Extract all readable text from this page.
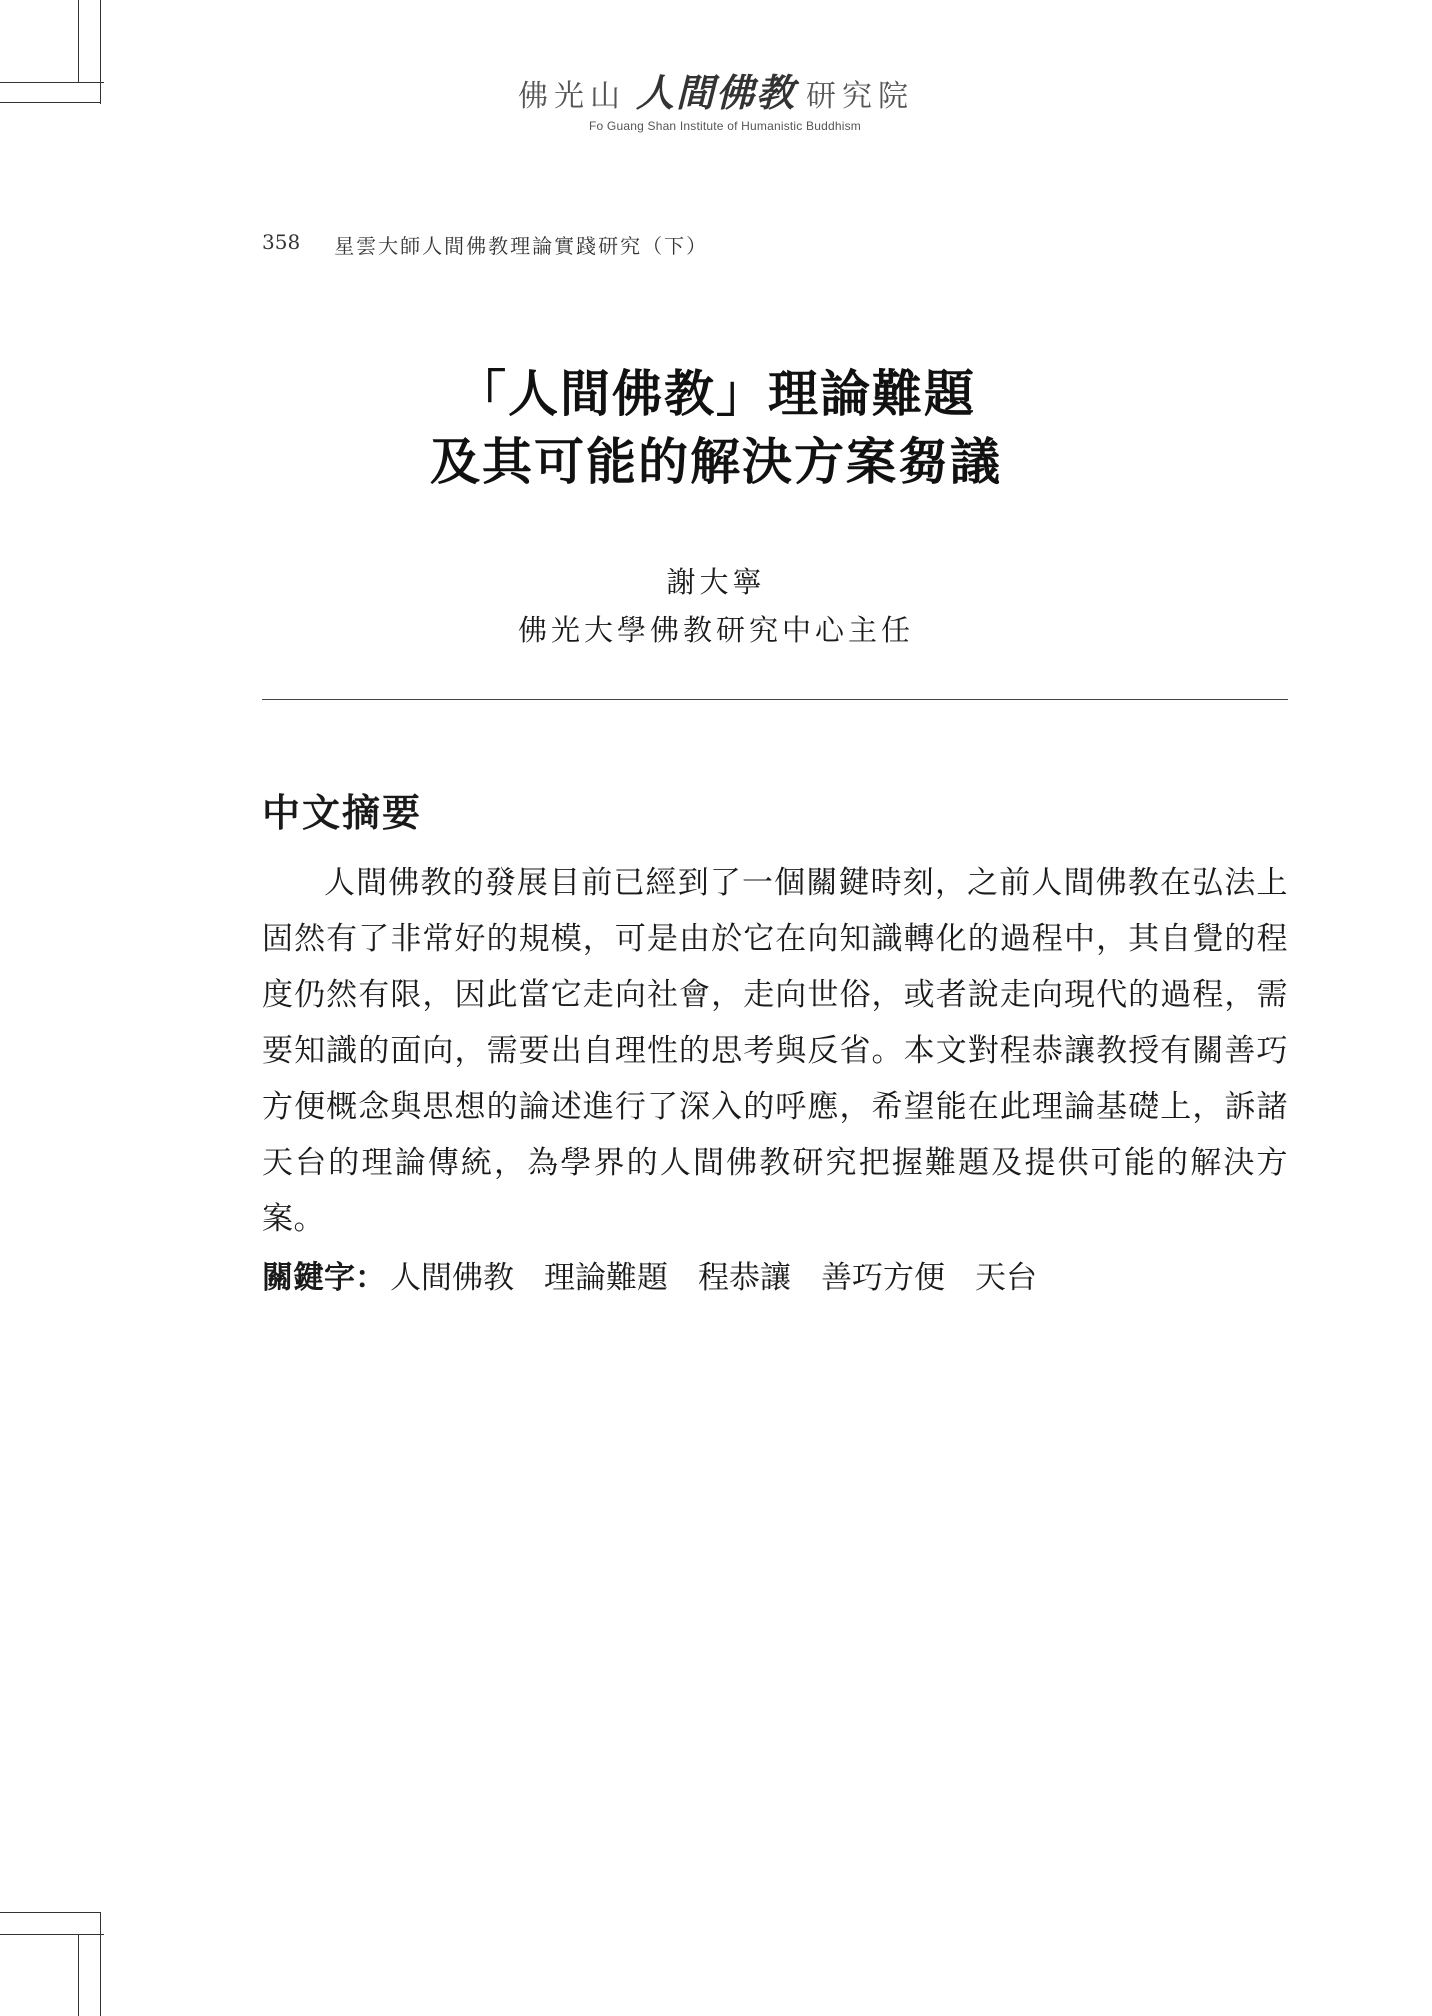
佛光山 人間佛教 研究院
Fo Guang Shan Institute of Humanistic Buddhism
358 星雲大師人間佛教理論實踐研究（下）
「人間佛教」理論難題
及其可能的解決方案芻議
謝大寧
佛光大學佛教研究中心主任
中文摘要

人間佛教的發展目前已經到了一個關鍵時刻，之前人間佛教在弘法上固然有了非常好的規模，可是由於它在向知識轉化的過程中，其自覺的程度仍然有限，因此當它走向社會，走向世俗，或者說走向現代的過程，需要知識的面向，需要出自理性的思考與反省。本文對程恭讓教授有關善巧方便概念與思想的論述進行了深入的呼應，希望能在此理論基礎上，訴諸天台的理論傳統，為學界的人間佛教研究把握難題及提供可能的解決方案。

關鍵字： 人間佛教 理論難題 程恭讓 善巧方便 天台
